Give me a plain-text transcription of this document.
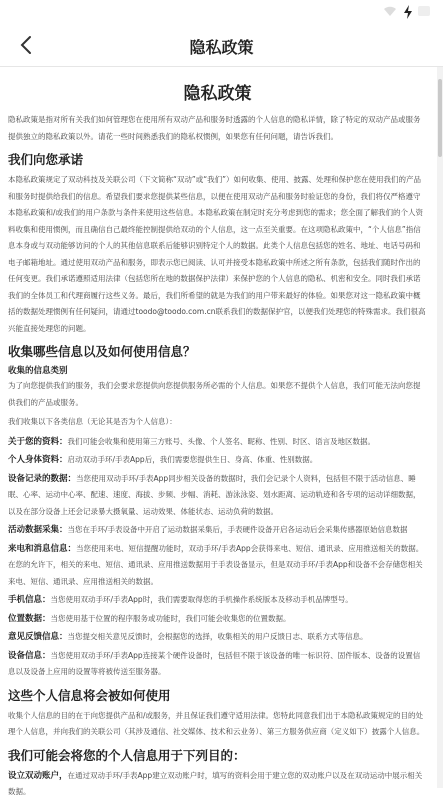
隐私政策
隐私政策

隐私政策是指对所有关我们如何管理您在使用所有双动产品和服务时透露的个人信息的隐私详情，除了特定的双动产品或服务提供独立的隐私政策以外。请花一些时间熟悉我们的隐私权惯例，如果您有任何问题，请告诉我们。

我们向您承诺

本隐私政策规定了双动科技及关联公司（下文简称“双动”或“我们”）如何收集、使用、披露、处理和保护您在使用我们的产品和服务时提供给我们的信息。希望我们要求您提供某些信息，以便在使用双动产品和服务时验证您的身份，我们将仅严格遵守本隐私政策和/或我们的用户条款与条件来使用这些信息。本隐私政策在制定时充分考虑到您的需求；您全面了解我们的个人资料收集和使用惯例，而且确信自己最终能控制提供给双动的个人信息，这一点至关重要。在这项隐私政策中，“个人信息”指信息本身或与双动能够访问的个人的其他信息联系后能够识别特定个人的数据。此类个人信息包括您的姓名、地址、电话号码和电子邮箱地址。通过使用双动产品和服务，即表示您已阅读、认可并接受本隐私政策中所述之所有条款，包括我们随时作出的任何变更。我们承诺遵照适用法律（包括您所在地的数据保护法律）来保护您的个人信息的隐私、机密和安全。同时我们承诺我们的全体员工和代理商履行这些义务。最后，我们所希望的就是为我们的用户带来最好的体验。如果您对这一隐私政策中概括的数据处理惯例有任何疑问，请通过toodo@toodo.com.cn联系我们的数据保护官，以便我们处理您的特殊需求。我们很高兴能直接处理您的问题。

收集哪些信息以及如何使用信息？
收集的信息类别

为了向您提供我们的服务，我们会要求您提供向您提供服务所必需的个人信息。如果您不提供个人信息，我们可能无法向您提供我们的产品或服务。

我们收集以下各类信息（无论其是否为个人信息）：

关于您的资料：我们可能会收集和使用第三方账号、头像、个人签名、昵称、性别、时区、语言及地区数据。
个人身体资料：启动双动手环/手表App后，我们需要您提供生日、身高、体重、性别数据。
设备记录的数据：当您使用双动手环/手表App同步相关设备的数据时，我们会记录个人资料，包括但不限于活动信息、睡眠、心率、运动中心率、配速、速度、海拔、步频、步幅、消耗、游泳泳姿、划水距离、运动轨迹和各专项的运动详细数据，以及在部分设备上还会记录暴大摄氧量、运动效果、体能状态、运动负荷的数据。
活动数据采集：当您在手环/手表设备中开启了运动数据采集后，手表硬件设备开启各运动后会采集传感器原始信息数据
来电和消息信息：当您使用来电、短信提醒功能时，双动手环/手表App会获得来电、短信、通讯录、应用推送相关的数据。在您的允许下，相关的来电、短信、通讯录、应用推送数据用于手表设备显示，但是双动手环/手表App和设备不会存储您相关来电、短信、通讯录、应用推送相关的数据。
手机信息：当您使用双动手环/手表App时，我们需要取得您的手机操作系统版本及移动手机品牌型号。
位置数据：当您使用基于位置的程序服务或功能时，我们可能会收集您的位置数据。
意见反馈信息：当您提交相关意见反馈时，会根据您的选择，收集相关的用户反馈日志、联系方式等信息。
设备信息：当您使用双动手环/手表App连接某个硬件设备时，包括但不限于该设备的唯一标识符、固件版本、设备的设置信息以及设备上应用的设置等将被传送至服务器。
这些个人信息将会被如何使用

收集个人信息的目的在于向您提供产品和/或服务，并且保证我们遵守适用法律。您特此同意我们出于本隐私政策规定的目的处理个人信息，并向我们的关联公司（其涉及通信、社交媒体、技术和云业务）、第三方服务供应商（定义如下）披露个人信息。

我们可能会将您的个人信息用于下列目的：
设立双动账户，在通过双动手环/手表App建立双动账户时，填写的资料会用于建立您的双动账户以及在双动运动中展示相关数据。
